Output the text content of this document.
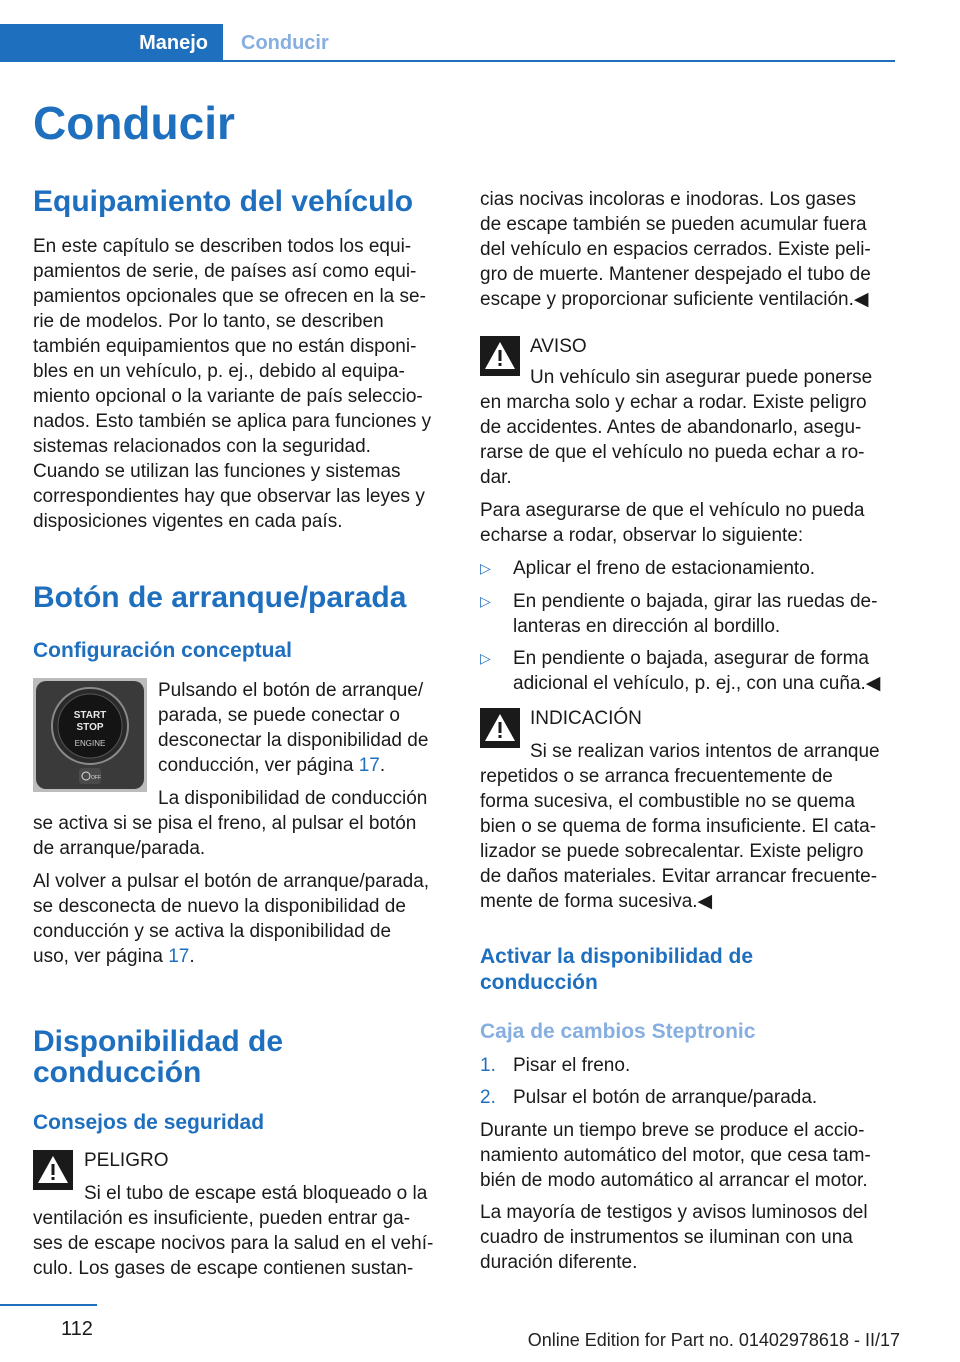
Manejo	Conducir
Conducir
Equipamiento del vehículo

En este capítulo se describen todos los equi-

pamientos de serie, de países así como equi-

pamientos opcionales que se ofrecen en la se-

rie de modelos. Por lo tanto, se describen

también equipamientos que no están disponi-

bles en un vehículo, p. ej., debido al equipa-

miento opcional o la variante de país seleccio-

nados. Esto también se aplica para funciones y

sistemas relacionados con la seguridad.

Cuando se utilizan las funciones y sistemas

correspondientes hay que observar las leyes y

disposiciones vigentes en cada país.

Botón de arranque/parada
Configuración conceptual
START
STOP
ENGINE
OFF

Pulsando el botón de arranque/

parada, se puede conectar o

desconectar la disponibilidad de

conducción, ver página 17.

La disponibilidad de conducción

se activa si se pisa el freno, al pulsar el botón

de arranque/parada.

Al volver a pulsar el botón de arranque/parada,

se desconecta de nuevo la disponibilidad de

conducción y se activa la disponibilidad de

uso, ver página 17.

Disponibilidad de
conducción
Consejos de seguridad

PELIGRO

Si el tubo de escape está bloqueado o la

ventilación es insuficiente, pueden entrar ga-

ses de escape nocivos para la salud en el vehí-

culo. Los gases de escape contienen sustan-

cias nocivas incoloras e inodoras. Los gases

de escape también se pueden acumular fuera

del vehículo en espacios cerrados. Existe peli-

gro de muerte. Mantener despejado el tubo de

escape y proporcionar suficiente ventilación.◀

AVISO

Un vehículo sin asegurar puede ponerse

en marcha solo y echar a rodar. Existe peligro

de accidentes. Antes de abandonarlo, asegu-

rarse de que el vehículo no pueda echar a ro-

dar.

Para asegurarse de que el vehículo no pueda

echarse a rodar, observar lo siguiente:

▷ Aplicar el freno de estacionamiento.
▷ En pendiente o bajada, girar las ruedas de-
lanteras en dirección al bordillo.
▷ En pendiente o bajada, asegurar de forma
adicional el vehículo, p. ej., con una cuña.◀

INDICACIÓN

Si se realizan varios intentos de arranque

repetidos o se arranca frecuentemente de

forma sucesiva, el combustible no se quema

bien o se quema de forma insuficiente. El cata-

lizador se puede sobrecalentar. Existe peligro

de daños materiales. Evitar arrancar frecuente-

mente de forma sucesiva.◀

Activar la disponibilidad de
conducción
Caja de cambios Steptronic
1. Pisar el freno.
2. Pulsar el botón de arranque/parada.

Durante un tiempo breve se produce el accio-

namiento automático del motor, que cesa tam-

bién de modo automático al arrancar el motor.

La mayoría de testigos y avisos luminosos del

cuadro de instrumentos se iluminan con una

duración diferente.

112	Online Edition for Part no. 01402978618 - II/17
